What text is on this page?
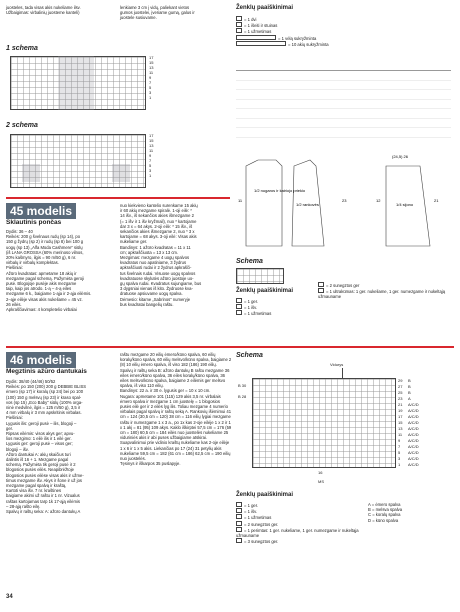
juosteles, tada visas akis nukeliame ilsv.
Užbaigimas: virbalinių juosteme kanteli)
lenkiame 3 cm į vidų, paliekant vietos
gumos juostelei, įveriame gumą, galus ir
juostele susiuvame.
1 schema
17
15
13
11
9
7
5
3
1
2 schema
17
15
13
11
9
7
5
3
1
Ženklų paaiškinimai
= 1 dvi
= 1 išeiti ir stuinas
= 1 užmetimas
= 1 vėlą sukryžminta
= 10 akių sukryžminta
1/2 nugaros ir kairiojo priekio
1/2 rankovės	1/4 sijono
(24,5) 26
11	23	12	21
45 modelis
Sklautinis pončas
Dydis: 36 – 40
Reikės: 200 g švelnaus rudų (sp 14), po
150 g žydrų (sp 2) ir rudų (sp 8) bei 100 g
uogų (sp 13) „Alfa Moda Cashmere“ siūlų
(iš LANA GROSSA (60% merinoso vilnos,
20% kašmyro, ilgis = 90 m/50 g), 6 nr.
virbalų ir virbalų komplektas.
Piešiniai:
Ažūro kvadratas: apmetame 18 akių ir
mezgame pagal schemą. Pažymėta geroji
pusė. Blogojoje pusėje akis mezgame
taip, kaip jos atrodo. 1-ą – 4-ą eiles
mezgame 6 k., baigiame 1-ąja ir 2-ąja eilėmis.
2–ąje eilėje visas akis nukeliame = 45 vz.
26 eilės.
Apkraščiavimas: 4 kompletelio virbalai
nuo kiekvieno kantelio surenkame 15 akių
ir 60 akių mezgame spiralė. 1-oji eilė: *
14 išv., iš sekančios akies išmezgame 2
(= 1 išv ir 1 išv kryžmail), nuo * kartojame
dar 3 x = 64 akys. 2-oji eilė: * 15 išv., iš
sekančios akies išmezgame 2, nuo * 3 x
kartojame = 68 akys. 3-oji eilė: Visas akis
nukeliame ger.
Bandinys: 1 ažūro kvadratas = 11 x 11
cm; apkraščiuota = 13 x 13 cm.
Mezgimas: mezgame 4 uogų spalvos
kvadratus nuo apatiniame, 3 žydrus
apkraščiuoti rudai ir 2 žydrus apkrašči-
tus švelnais rudai. Visuose uogų spalvos
kvadratuose skylutės ažūro juostoje uo-
gų spalva rudai. Kvadratus sujungiame, bus
3 dygsniai vienas iš kito. Žydruose kva-
dratuose apsiuvame uogų spalva.
Dėmesio: kitame „Sabrinos“ numeryje
bus kvadratai bangelių raštu.
Schema
Ženklų paaiškinimai
= 1 ger.
= 1 išv.
= 1 užmetimas
= 2 sunegztos ger
= 1 ultrakūmas: 1 ger. nukeliame, 1 ger. numezgame ir nukeltąją užmauname
46 modelis
Megztinis ažūro dantukais
Dydis: 38/40 (44/46) 50/52
Reikės: po 150 (200) 200 g DEBBIE BLISS
ėmero (sp 17) ir koralų (sp 24) bei po 100
(100) 150 g melsvų (sp 23) ir kraso spal-
vos (sp 15) „Eco Baby“ siūlų (100% orga-
ninė medvilnė, ilgis = 125 m/50 g), 3,5 ir
4 mm virbalų ir 3 mm apskritinis virbalas.
Piešiniai:
Lygusis ilis: geroji pusė – ilis, blogoji –
ger.
Ripsas eilėmis: visos akys ger; apvu-
lios mezgimo: 1 eilė ilis ir 1 eilė ger.
Lygusis ger: geroji pusė – visos ger;
blogoji – išv.
Ažūro dantukai A: akių skaičius turi
dalintis iš 16 + 1. Mezgame pagal
schemą. Pažymėta tik geroji pusė ir 2
blogosios pusės eilės. Neapibrėžtoje
blogosios pusės eilėse visas akis ir užme-
timus mezgame išv. Akys ir šone ir už jos
mezgame pagal spalvą ir kraštą,
Kartoti visa išv. 7 nr. kraštines
baigiame akimi už raštu ir 1 nr. Vizualus
raštas kartojamas tarp 1k 17-ąją eilėmis
– 28-ąją rašto eilę.
Spalvų ir raštų seka: A: ažūro dantukų A
raštu mezgame 20 eilių ėmero/kūno spalva, 60 eilių koralų/kūno spalva, 60 eilių melsvo/kūno spalva, baigiame 2 (8) 10 eilių ėmero spalva, iš viso 182 (186) 190 eilių.
Spalvų ir raštų seka B: ažūro dantukų B raštu mezgame 36 eiles ėmero/kūno spalva, 36 eiles koralų/kūno spalva, 36 eiles melsvo/kūno spalva, baigiame 2 eilėmis ger melsvo spalva, iš viso 110 eilių.
Bandinys: 22 a. ir 30 e. lygusis ger = 10 x 10 cm.
Nugara: apmetame 101 (115) 129 akis 3,5 nr. virbalais ėmero spalva ir mezgame 1 cm juostelę = 1 blogosios pusės eilė ger ir 2 eilės lyg ilis. Toliau mezgame 4 numerio virbalais pagal spalvų ir raštų seką A. Rankovių išėmimui 41 cm = 124 (30,5 cm = 120) 38 cm = 116 eilių lygiai mezgame raštu ir numezgame 1 x 3 a., po 1x kas 2-oje eilėje 1 x 2 ir 1 x 1 akį = 81 (95) 109 akys. Kaklo iškirptei 57,5 cm = 176 (59 cm = 180) 60,5 cm = 184 eilės nuo juostelės nukeliame 25 viduriniės akis ir abi puses užbaigiame atskirai. Suapvalinimui prie vidinio kraštų nukeliame kas 2-oje eilėje 1 x 6 ir 1 x 5 akis. Liekančias po 17 (24) 31 petylių akis nukeliame 59,5 cm = 182 (61 cm = 186) 62,5 cm = 190 eilių nuo juostelės.
Tęsinys ir iškarpos 35 puslapyje.
Schema
Vidurys
B 30
B 28
29 B
27 B
25 B
23 A
21 A/C/D
19 A/C/D
17 A/C/D
15 A/C/D
13 A/C/D
11 A/C/D
9 A/C/D
7 A/C/D
5 A/C/D
3 A/C/D
1 A/C/D
16
MS
Ženklų paaiškinimai
= 1 ger.
= 1 išv.
= 1 užmetimas
= 2 sunegztos ger.
= 1 perimtas: 1 ger. nukeliame, 1 ger. numezgame ir nukeltąja užmauname
= 3 sunegztos ger.
A = ėmero spalva
B = melsva spalva
C = koralų spalva
D = kūno spalva
34
